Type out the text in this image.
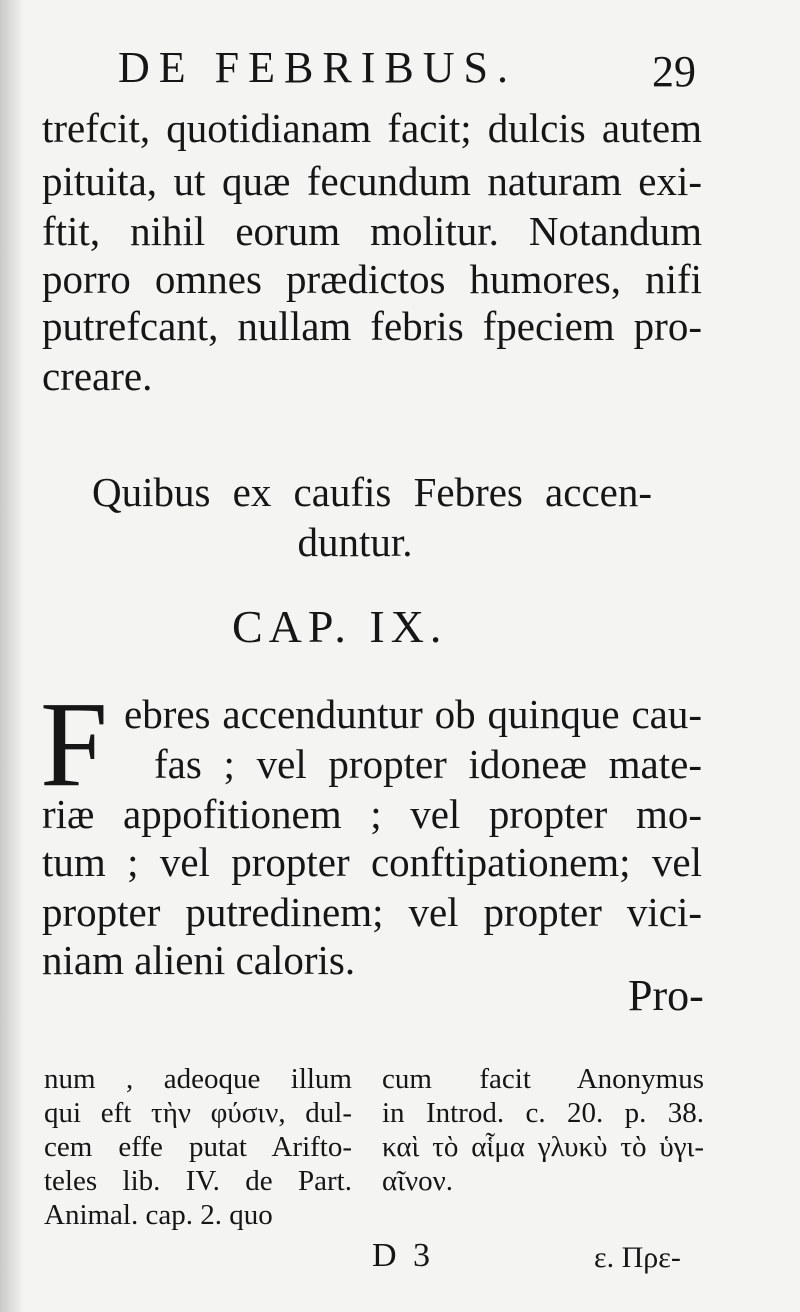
DE FEBRIBUS.	29
trefcit, quotidianam facit; dulcis autem
pituita, ut quæ fecundum naturam exi-
ftit, nihil eorum molitur. Notandum
porro omnes prædictos humores, nifi
putrefcant, nullam febris fpeciem pro-
creare.
Quibus ex caufis Febres accen-
duntur.
CAP. IX.
F ebres accenduntur ob quinque cau-
fas ; vel propter idoneæ mate-
riæ appofitionem ; vel propter mo-
tum ; vel propter conftipationem; vel
propter putredinem; vel propter vici-
niam alieni caloris.
Pro-
num , adeoque illum
qui eft τὴν φύσιν, dul-
cem effe putat Arifto-
teles lib. IV. de Part.
Animal. cap. 2. quo
cum facit Anonymus
in Introd. c. 20. p. 38.
καὶ τὸ αἷμα γλυκὺ τὸ ὑγι-
αῖνον.
D 3	ε. Πρε-
